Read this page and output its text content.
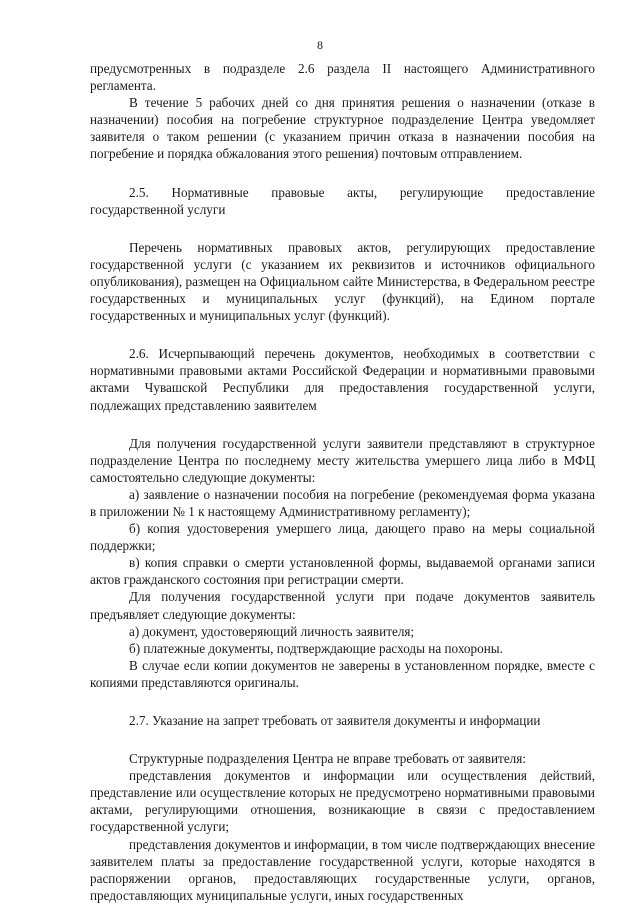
8

предусмотренных в подразделе 2.6 раздела II настоящего Административного регламента.

В течение 5 рабочих дней со дня принятия решения о назначении (отказе в назначении) пособия на погребение структурное подразделение Центра уведомляет заявителя о таком решении (с указанием причин отказа в назначении пособия на погребение и порядка обжалования этого решения) почтовым отправлением.

2.5. Нормативные правовые акты, регулирующие предоставление государственной услуги

Перечень нормативных правовых актов, регулирующих предоставление государственной услуги (с указанием их реквизитов и источников официального опубликования), размещен на Официальном сайте Министерства, в Федеральном реестре государственных и муниципальных услуг (функций), на Едином портале государственных и муниципальных услуг (функций).

2.6. Исчерпывающий перечень документов, необходимых в соответствии с нормативными правовыми актами Российской Федерации и нормативными правовыми актами Чувашской Республики для предоставления государственной услуги, подлежащих представлению заявителем

Для получения государственной услуги заявители представляют в структурное подразделение Центра по последнему месту жительства умершего лица либо в МФЦ самостоятельно следующие документы:

а) заявление о назначении пособия на погребение (рекомендуемая форма указана в приложении № 1 к настоящему Административному регламенту);

б) копия удостоверения умершего лица, дающего право на меры социальной поддержки;

в) копия справки о смерти установленной формы, выдаваемой органами записи актов гражданского состояния при регистрации смерти.

Для получения государственной услуги при подаче документов заявитель предъявляет следующие документы:

а) документ, удостоверяющий личность заявителя;

б) платежные документы, подтверждающие расходы на похороны.

В случае если копии документов не заверены в установленном порядке, вместе с копиями представляются оригиналы.

2.7. Указание на запрет требовать от заявителя документы и информации

Структурные подразделения Центра не вправе требовать от заявителя:

представления документов и информации или осуществления действий, представление или осуществление которых не предусмотрено нормативными правовыми актами, регулирующими отношения, возникающие в связи с предоставлением государственной услуги;

представления документов и информации, в том числе подтверждающих внесение заявителем платы за предоставление государственной услуги, которые находятся в распоряжении органов, предоставляющих государственные услуги, органов, предоставляющих муниципальные услуги, иных государственных
